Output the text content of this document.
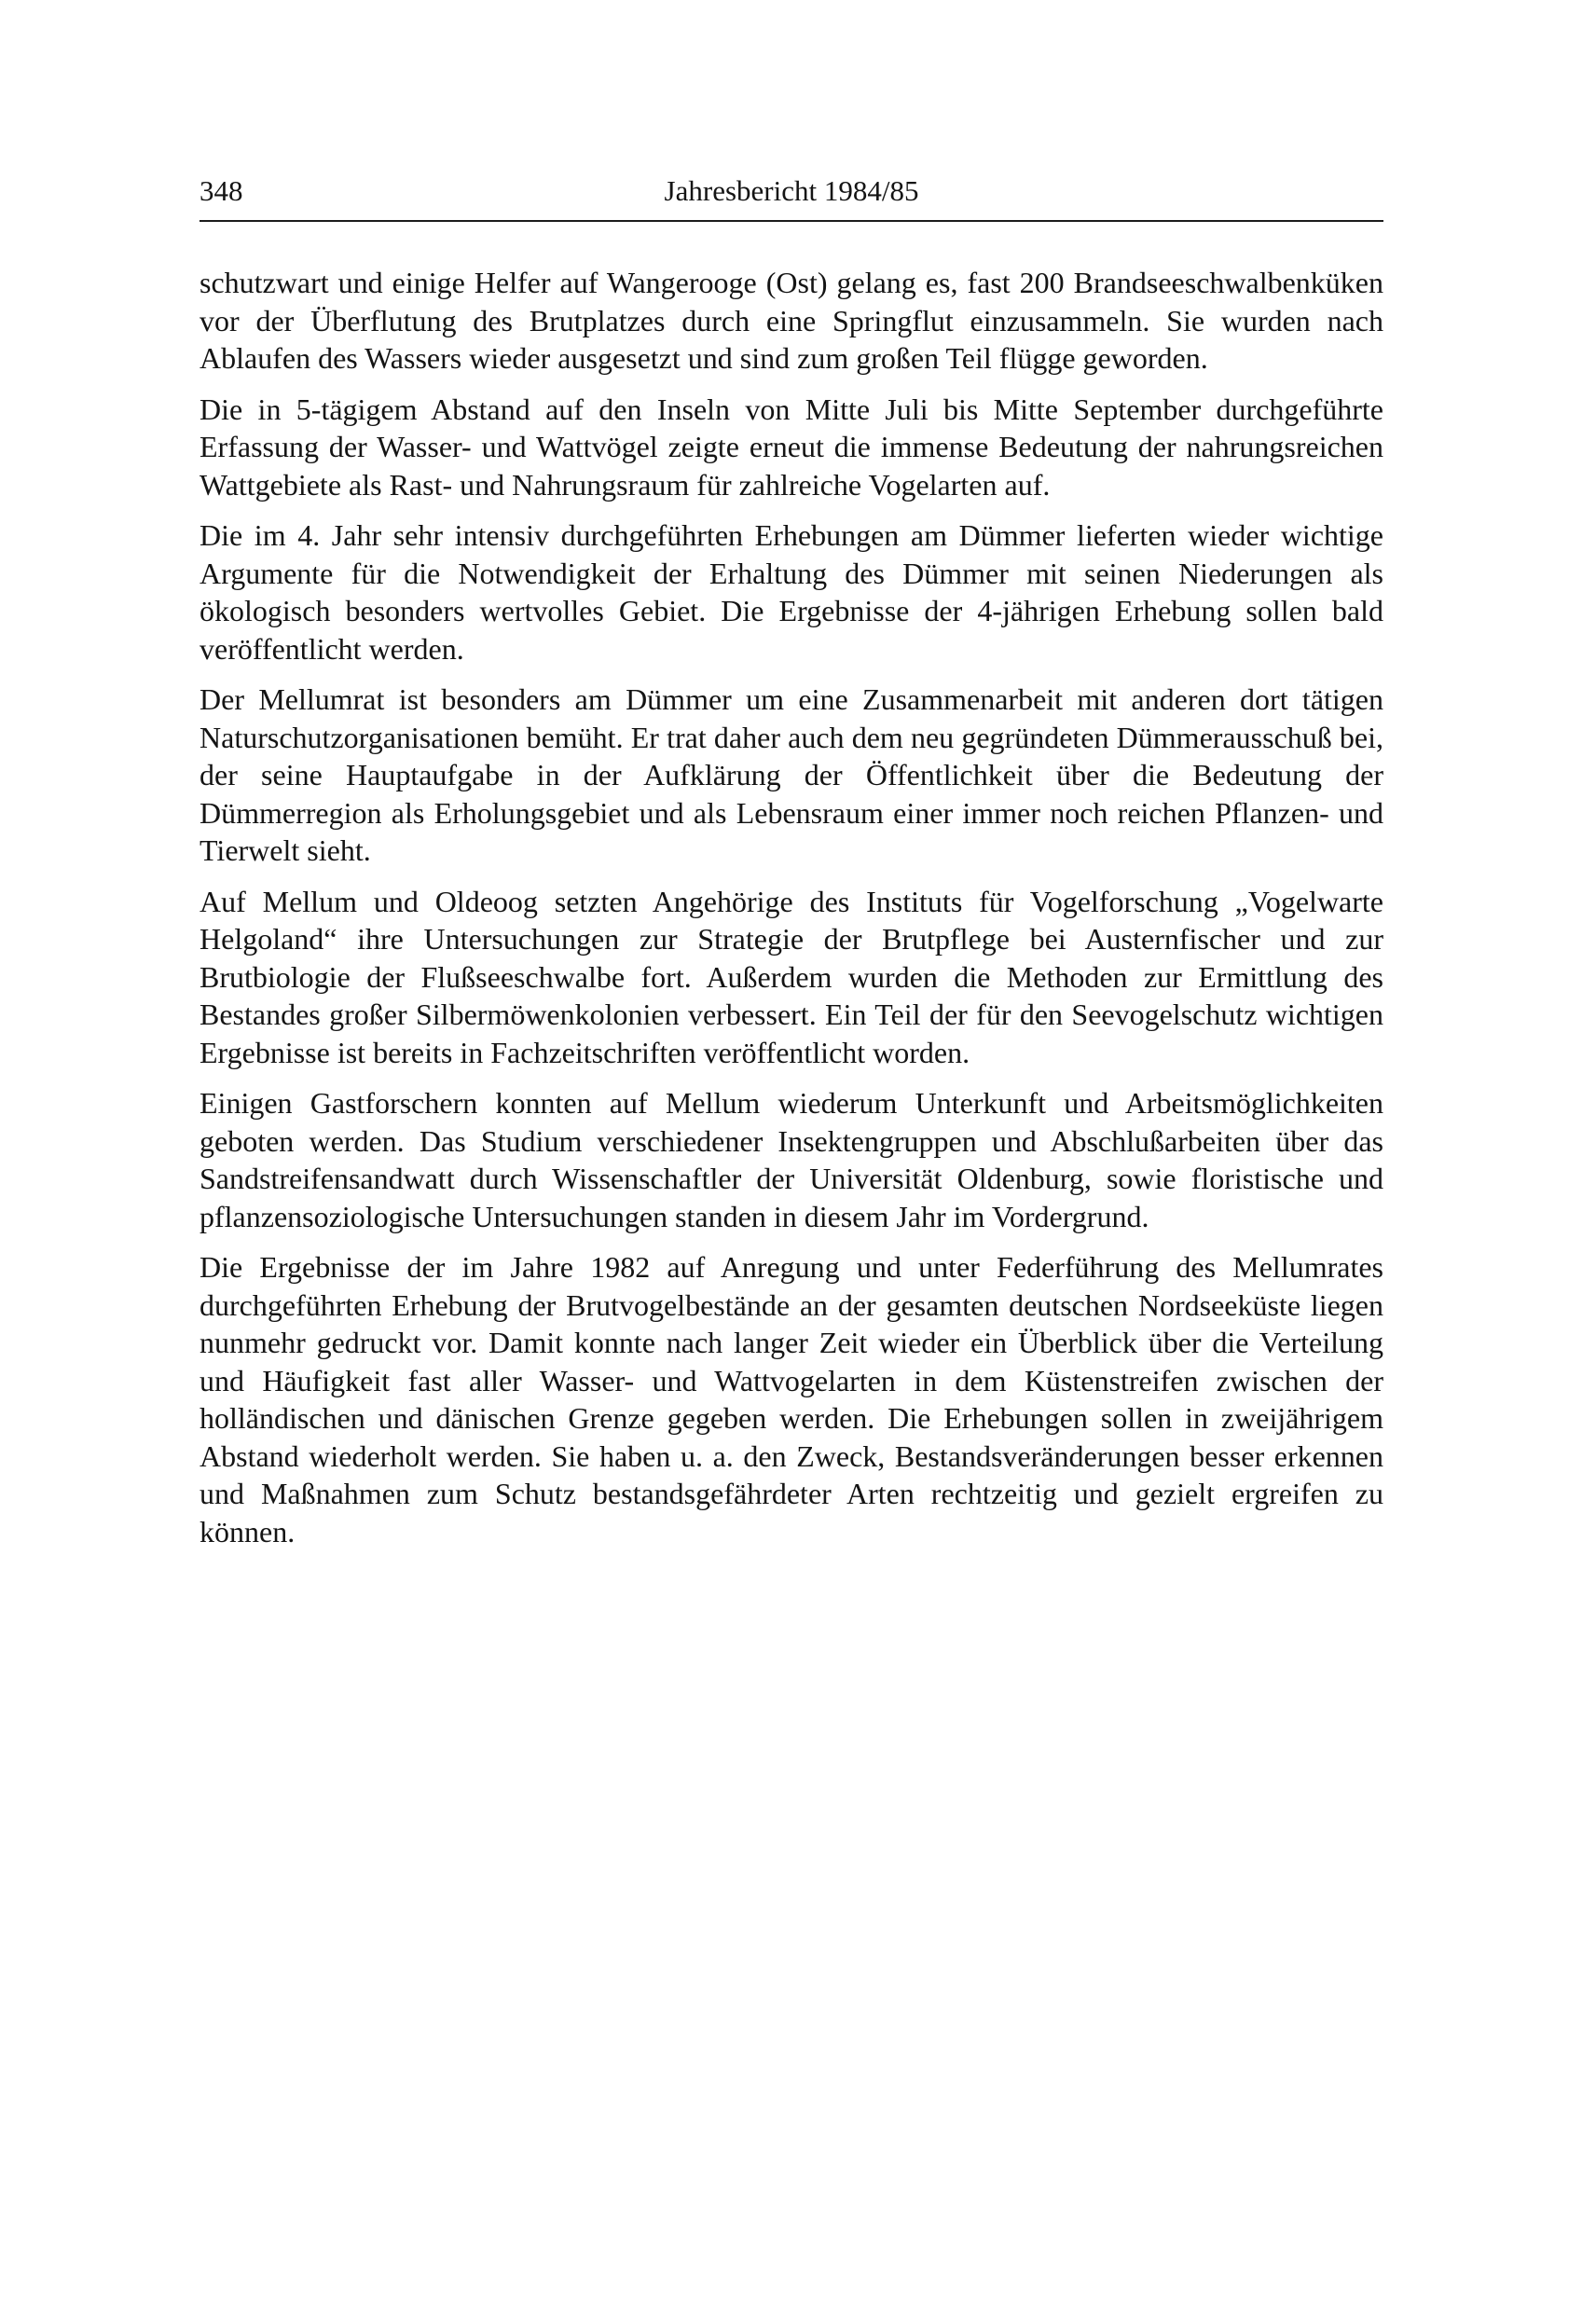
348	Jahresbericht 1984/85

schutzwart und einige Helfer auf Wangerooge (Ost) gelang es, fast 200 Brandseeschwalbenküken vor der Überflutung des Brutplatzes durch eine Springflut einzusammeln. Sie wurden nach Ablaufen des Wassers wieder ausgesetzt und sind zum großen Teil flügge geworden.

Die in 5-tägigem Abstand auf den Inseln von Mitte Juli bis Mitte September durchgeführte Erfassung der Wasser- und Wattvögel zeigte erneut die immense Bedeutung der nahrungsreichen Wattgebiete als Rast- und Nahrungsraum für zahlreiche Vogelarten auf.

Die im 4. Jahr sehr intensiv durchgeführten Erhebungen am Dümmer lieferten wieder wichtige Argumente für die Notwendigkeit der Erhaltung des Dümmer mit seinen Niederungen als ökologisch besonders wertvolles Gebiet. Die Ergebnisse der 4-jährigen Erhebung sollen bald veröffentlicht werden.

Der Mellumrat ist besonders am Dümmer um eine Zusammenarbeit mit anderen dort tätigen Naturschutzorganisationen bemüht. Er trat daher auch dem neu gegründeten Dümmerausschuß bei, der seine Hauptaufgabe in der Aufklärung der Öffentlichkeit über die Bedeutung der Dümmerregion als Erholungsgebiet und als Lebensraum einer immer noch reichen Pflanzen- und Tierwelt sieht.

Auf Mellum und Oldeoog setzten Angehörige des Instituts für Vogelforschung „Vogelwarte Helgoland“ ihre Untersuchungen zur Strategie der Brutpflege bei Austernfischer und zur Brutbiologie der Flußseeschwalbe fort. Außerdem wurden die Methoden zur Ermittlung des Bestandes großer Silbermöwenkolonien verbessert. Ein Teil der für den Seevogelschutz wichtigen Ergebnisse ist bereits in Fachzeitschriften veröffentlicht worden.

Einigen Gastforschern konnten auf Mellum wiederum Unterkunft und Arbeitsmöglichkeiten geboten werden. Das Studium verschiedener Insektengruppen und Abschlußarbeiten über das Sandstreifensandwatt durch Wissenschaftler der Universität Oldenburg, sowie floristische und pflanzensoziologische Untersuchungen standen in diesem Jahr im Vordergrund.

Die Ergebnisse der im Jahre 1982 auf Anregung und unter Federführung des Mellumrates durchgeführten Erhebung der Brutvogelbestände an der gesamten deutschen Nordseeküste liegen nunmehr gedruckt vor. Damit konnte nach langer Zeit wieder ein Überblick über die Verteilung und Häufigkeit fast aller Wasser- und Wattvogelarten in dem Küstenstreifen zwischen der holländischen und dänischen Grenze gegeben werden. Die Erhebungen sollen in zweijährigem Abstand wiederholt werden. Sie haben u. a. den Zweck, Bestandsveränderungen besser erkennen und Maßnahmen zum Schutz bestandsgefährdeter Arten rechtzeitig und gezielt ergreifen zu können.
